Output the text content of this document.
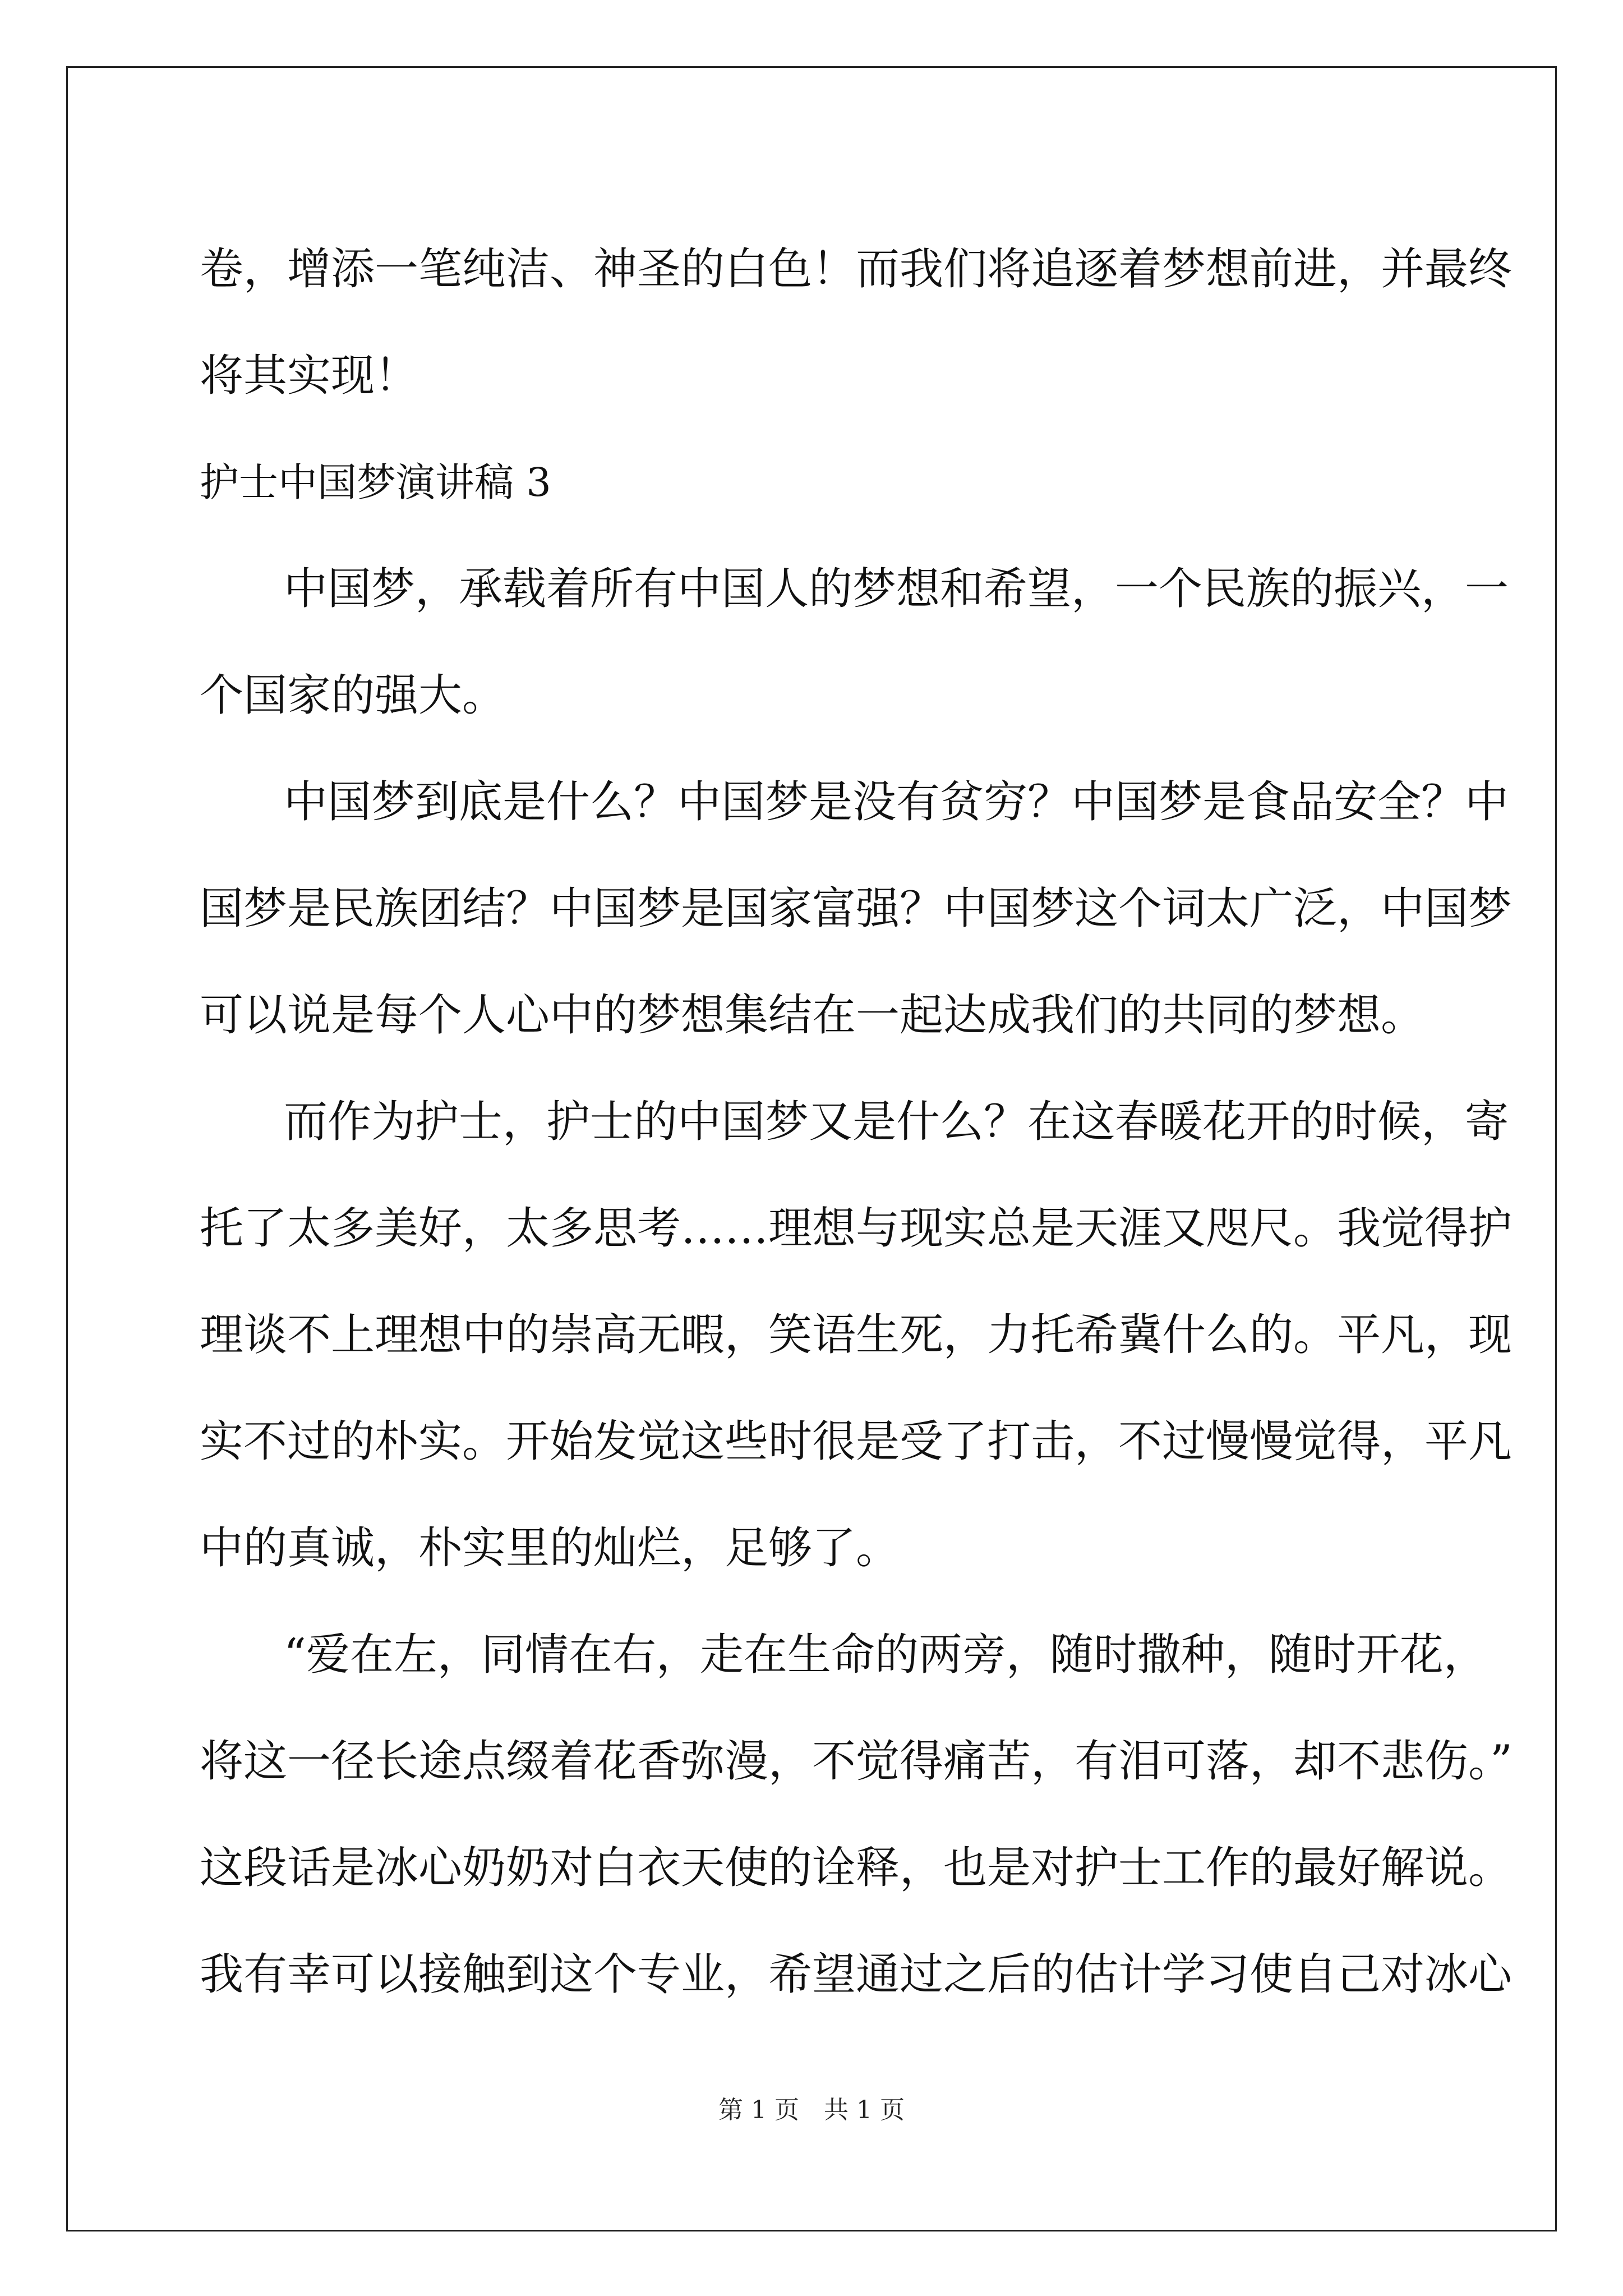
卷，增添一笔纯洁、神圣的白色！而我们将追逐着梦想前进，并最终
将其实现！
护士中国梦演讲稿 3
中国梦，承载着所有中国人的梦想和希望，一个民族的振兴，一
个国家的强大。
中国梦到底是什么？中国梦是没有贫穷？中国梦是食品安全？中
国梦是民族团结？中国梦是国家富强？中国梦这个词太广泛，中国梦
可以说是每个人心中的梦想集结在一起达成我们的共同的梦想。
而作为护士，护士的中国梦又是什么？在这春暖花开的时候，寄
托了太多美好，太多思考……理想与现实总是天涯又咫尺。我觉得护
理谈不上理想中的崇高无暇，笑语生死，力托希冀什么的。平凡，现
实不过的朴实。开始发觉这些时很是受了打击，不过慢慢觉得，平凡
中的真诚，朴实里的灿烂，足够了。
“爱在左，同情在右，走在生命的两旁，随时撒种，随时开花，
将这一径长途点缀着花香弥漫，不觉得痛苦，有泪可落，却不悲伤。”
这段话是冰心奶奶对白衣天使的诠释，也是对护士工作的最好解说。
我有幸可以接触到这个专业，希望通过之后的估计学习使自己对冰心
第 1 页　共 1 页
